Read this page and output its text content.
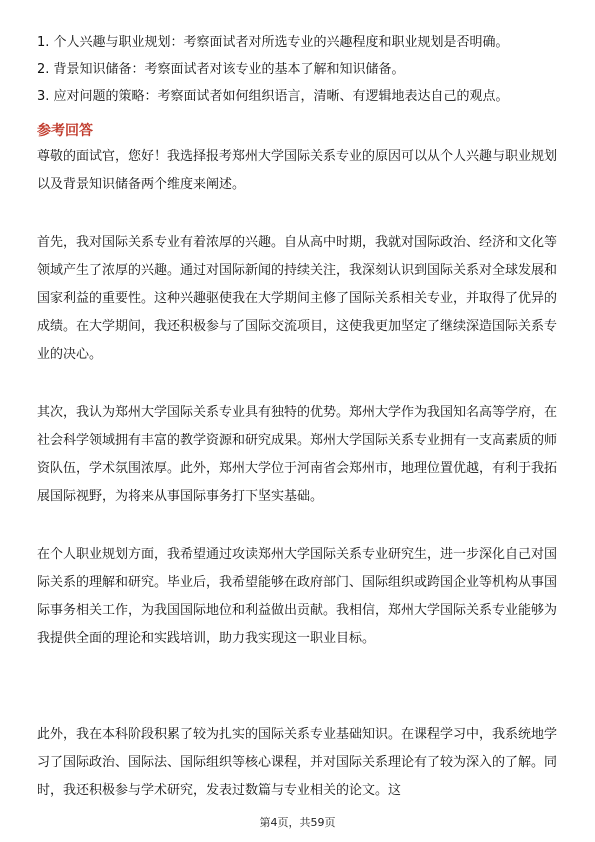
1. 个人兴趣与职业规划：考察面试者对所选专业的兴趣程度和职业规划是否明确。
2. 背景知识储备：考察面试者对该专业的基本了解和知识储备。
3. 应对问题的策略：考察面试者如何组织语言，清晰、有逻辑地表达自己的观点。
参考回答

尊敬的面试官，您好！我选择报考郑州大学国际关系专业的原因可以从个人兴趣与职业规划以及背景知识储备两个维度来阐述。

首先，我对国际关系专业有着浓厚的兴趣。自从高中时期，我就对国际政治、经济和文化等领域产生了浓厚的兴趣。通过对国际新闻的持续关注，我深刻认识到国际关系对全球发展和国家利益的重要性。这种兴趣驱使我在大学期间主修了国际关系相关专业，并取得了优异的成绩。在大学期间，我还积极参与了国际交流项目，这使我更加坚定了继续深造国际关系专业的决心。

其次，我认为郑州大学国际关系专业具有独特的优势。郑州大学作为我国知名高等学府，在社会科学领域拥有丰富的教学资源和研究成果。郑州大学国际关系专业拥有一支高素质的师资队伍，学术氛围浓厚。此外，郑州大学位于河南省会郑州市，地理位置优越，有利于我拓展国际视野，为将来从事国际事务打下坚实基础。

在个人职业规划方面，我希望通过攻读郑州大学国际关系专业研究生，进一步深化自己对国际关系的理解和研究。毕业后，我希望能够在政府部门、国际组织或跨国企业等机构从事国际事务相关工作，为我国国际地位和利益做出贡献。我相信，郑州大学国际关系专业能够为我提供全面的理论和实践培训，助力我实现这一职业目标。

此外，我在本科阶段积累了较为扎实的国际关系专业基础知识。在课程学习中，我系统地学习了国际政治、国际法、国际组织等核心课程，并对国际关系理论有了较为深入的了解。同时，我还积极参与学术研究，发表过数篇与专业相关的论文。这

第4页，共59页
